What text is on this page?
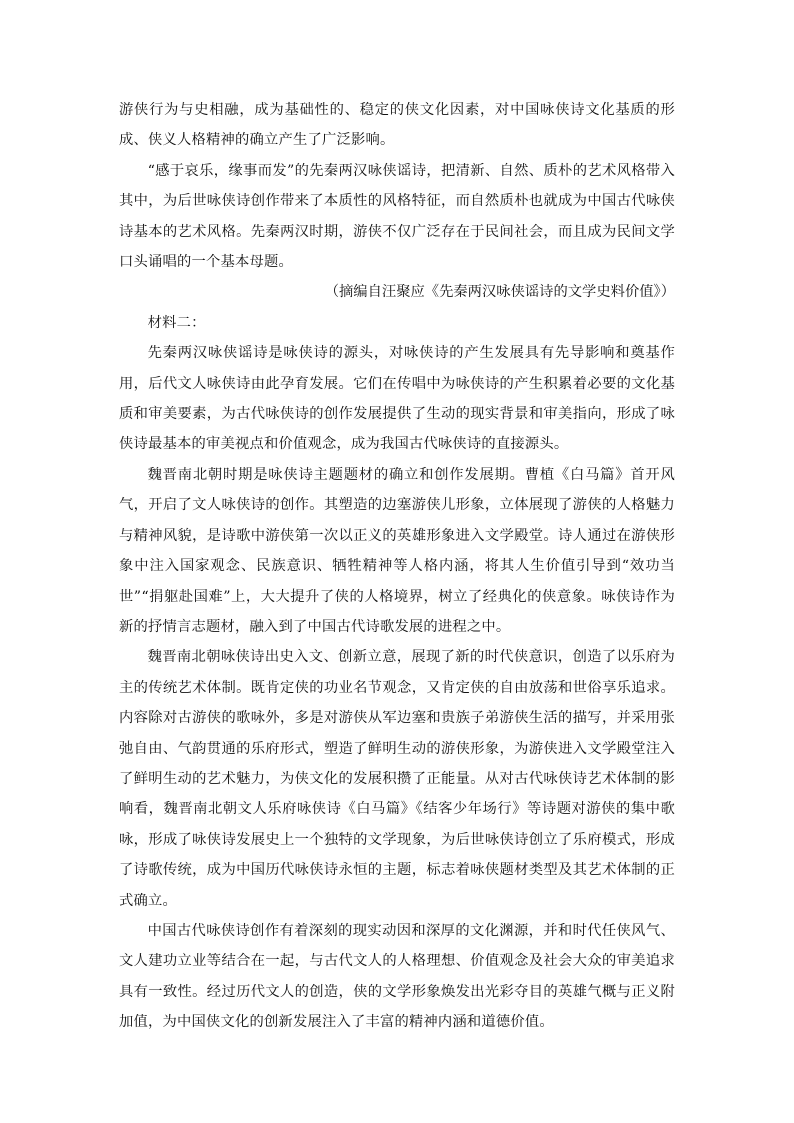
游侠行为与史相融，成为基础性的、稳定的侠文化因素，对中国咏侠诗文化基质的形成、侠义人格精神的确立产生了广泛影响。

“感于哀乐，缘事而发”的先秦两汉咏侠谣诗，把清新、自然、质朴的艺术风格带入其中，为后世咏侠诗创作带来了本质性的风格特征，而自然质朴也就成为中国古代咏侠诗基本的艺术风格。先秦两汉时期，游侠不仅广泛存在于民间社会，而且成为民间文学口头诵唱的一个基本母题。

（摘编自汪聚应《先秦两汉咏侠谣诗的文学史料价值》）

材料二：

先秦两汉咏侠谣诗是咏侠诗的源头，对咏侠诗的产生发展具有先导影响和奠基作用，后代文人咏侠诗由此孕育发展。它们在传唱中为咏侠诗的产生积累着必要的文化基质和审美要素，为古代咏侠诗的创作发展提供了生动的现实背景和审美指向，形成了咏侠诗最基本的审美视点和价值观念，成为我国古代咏侠诗的直接源头。

魏晋南北朝时期是咏侠诗主题题材的确立和创作发展期。曹植《白马篇》首开风气，开启了文人咏侠诗的创作。其塑造的边塞游侠儿形象，立体展现了游侠的人格魅力与精神风貌，是诗歌中游侠第一次以正义的英雄形象进入文学殿堂。诗人通过在游侠形象中注入国家观念、民族意识、牺牲精神等人格内涵，将其人生价值引导到“效功当世”“捐躯赴国难”上，大大提升了侠的人格境界，树立了经典化的侠意象。咏侠诗作为新的抒情言志题材，融入到了中国古代诗歌发展的进程之中。

魏晋南北朝咏侠诗出史入文、创新立意，展现了新的时代侠意识，创造了以乐府为主的传统艺术体制。既肯定侠的功业名节观念，又肯定侠的自由放荡和世俗享乐追求。内容除对古游侠的歌咏外，多是对游侠从军边塞和贵族子弟游侠生活的描写，并采用张弛自由、气韵贯通的乐府形式，塑造了鲜明生动的游侠形象，为游侠进入文学殿堂注入了鲜明生动的艺术魅力，为侠文化的发展积攒了正能量。从对古代咏侠诗艺术体制的影响看，魏晋南北朝文人乐府咏侠诗《白马篇》《结客少年场行》等诗题对游侠的集中歌咏，形成了咏侠诗发展史上一个独特的文学现象，为后世咏侠诗创立了乐府模式，形成了诗歌传统，成为中国历代咏侠诗永恒的主题，标志着咏侠题材类型及其艺术体制的正式确立。

中国古代咏侠诗创作有着深刻的现实动因和深厚的文化渊源，并和时代任侠风气、文人建功立业等结合在一起，与古代文人的人格理想、价值观念及社会大众的审美追求具有一致性。经过历代文人的创造，侠的文学形象焕发出光彩夺目的英雄气概与正义附加值，为中国侠文化的创新发展注入了丰富的精神内涵和道德价值。
